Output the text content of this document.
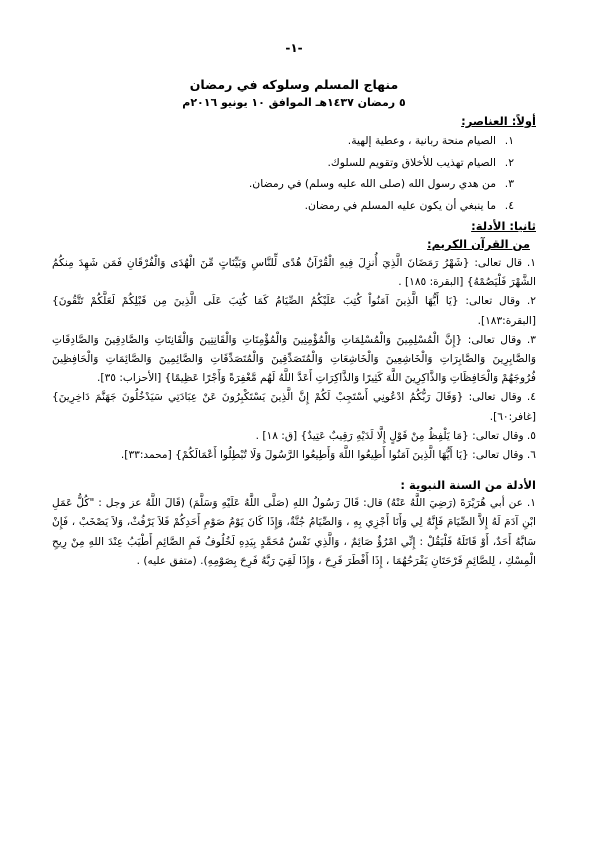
-١-
منهاج المسلم وسلوكه في رمضان
٥ رمضان ١٤٣٧هـ الموافق ١٠ يونيو ٢٠١٦م
أولاً: العناصر:
١.الصيام منحة ربانية ، وعطية إلهية.
٢.الصيام تهذيب للأخلاق وتقويم للسلوك.
٣.من هدي رسول الله (صلى الله عليه وسلم) في رمضان.
٤.ما ينبغي أن يكون عليه المسلم في رمضان.
ثانيا: الأدلة:
من القرآن الكريم:
١. قال تعالى: {شَهْرُ رَمَضَانَ الَّذِيَ أُنزِلَ فِيهِ الْقُرْآنُ هُدًى لِّلنَّاسِ وَبَيِّنَاتٍ مِّنَ الْهُدَى وَالْفُرْقَانِ فَمَن شَهِدَ مِنكُمُ الشَّهْرَ فَلْيَصُمْهُ} [البقرة: ١٨٥] .
٢. وقال تعالى: {يَا أَيُّهَا الَّذِينَ آمَنُواْ كُتِبَ عَلَيْكُمُ الصِّيَامُ كَمَا كُتِبَ عَلَى الَّذِينَ مِن قَبْلِكُمْ لَعَلَّكُمْ تَتَّقُونَ} [البقرة:١٨٣].
٣. وقال تعالى: {إِنَّ الْمُسْلِمِينَ وَالْمُسْلِمَاتِ وَالْمُؤْمِنِينَ وَالْمُؤْمِنَاتِ وَالْقَانِتِينَ وَالْقَانِتَاتِ وَالصَّادِقِينَ وَالصَّادِقَاتِ وَالصَّابِرِينَ وَالصَّابِرَاتِ وَالْخَاشِعِينَ وَالْخَاشِعَاتِ وَالْمُتَصَدِّقِينَ وَالْمُتَصَدِّقَاتِ وَالصَّائِمِينَ وَالصَّائِمَاتِ وَالْحَافِظِينَ فُرُوجَهُمْ وَالْحَافِظَاتِ وَالذَّاكِرِينَ اللَّهَ كَثِيرًا وَالذَّاكِرَاتِ أَعَدَّ اللَّهُ لَهُم مَّغْفِرَةً وَأَجْرًا عَظِيمًا} [الأحزاب: ٣٥].
٤. وقال تعالى: {وَقَالَ رَبُّكُمُ ادْعُونِي أَسْتَجِبْ لَكُمْ إِنَّ الَّذِينَ يَسْتَكْبِرُونَ عَنْ عِبَادَتِي سَيَدْخُلُونَ جَهَنَّمَ دَاخِرِينَ} [غافر:٦٠].
٥. وقال تعالى: {مَا يَلْفِظُ مِنْ قَوْلٍ إِلَّا لَدَيْهِ رَقِيبٌ عَتِيدٌ} [ق: ١٨] .
٦. وقال تعالى: {يَا أَيُّهَا الَّذِينَ آمَنُوا أَطِيعُوا اللَّهَ وَأَطِيعُوا الرَّسُولَ وَلَا تُبْطِلُوا أَعْمَالَكُمْ} [محمد:٣٣].
الأدلة من السنة النبوية :
١. عن أبي هُرَيْرَةَ (رَضِيَ اللَّهُ عَنْهُ) قال: قَالَ رَسُولُ اللهِ (صَلَّى اللَّهُ عَلَيْهِ وَسَلَّمَ) (قَالَ اللَّهُ عز وجل : "كُلُّ عَمَلِ ابْنِ آدَمَ لَهُ إِلاَّ الصِّيَامَ فَإِنَّهُ لِي وَأَنَا أَجْزِي بِهِ ، وَالصِّيَامُ جُنَّةٌ، وَإِذَا كَانَ يَوْمُ صَوْمِ أَحَدِكُمْ فَلاَ يَرْفُثْ، وَلاَ يَصْخَبْ ، فَإِنْ سَابَّهُ أَحَدٌ، أَوْ قَاتَلَهُ فَلْيَقُلْ : إِنِّي امْرُؤٌ صَائِمٌ ، وَالَّذِي نَفْسُ مُحَمَّدٍ بِيَدِهِ لَخُلُوفُ فَمِ الصَّائِمِ أَطْيَبُ عِنْدَ اللهِ مِنْ رِيحِ الْمِسْكِ ، لِلصَّائِمِ فَرْحَتَانِ يَفْرَحُهُمَا ، إِذَا أَفْطَرَ فَرِحَ ، وَإِذَا لَقِيَ رَبَّهُ فَرِحَ بِصَوْمِهِ). (متفق عليه) .
